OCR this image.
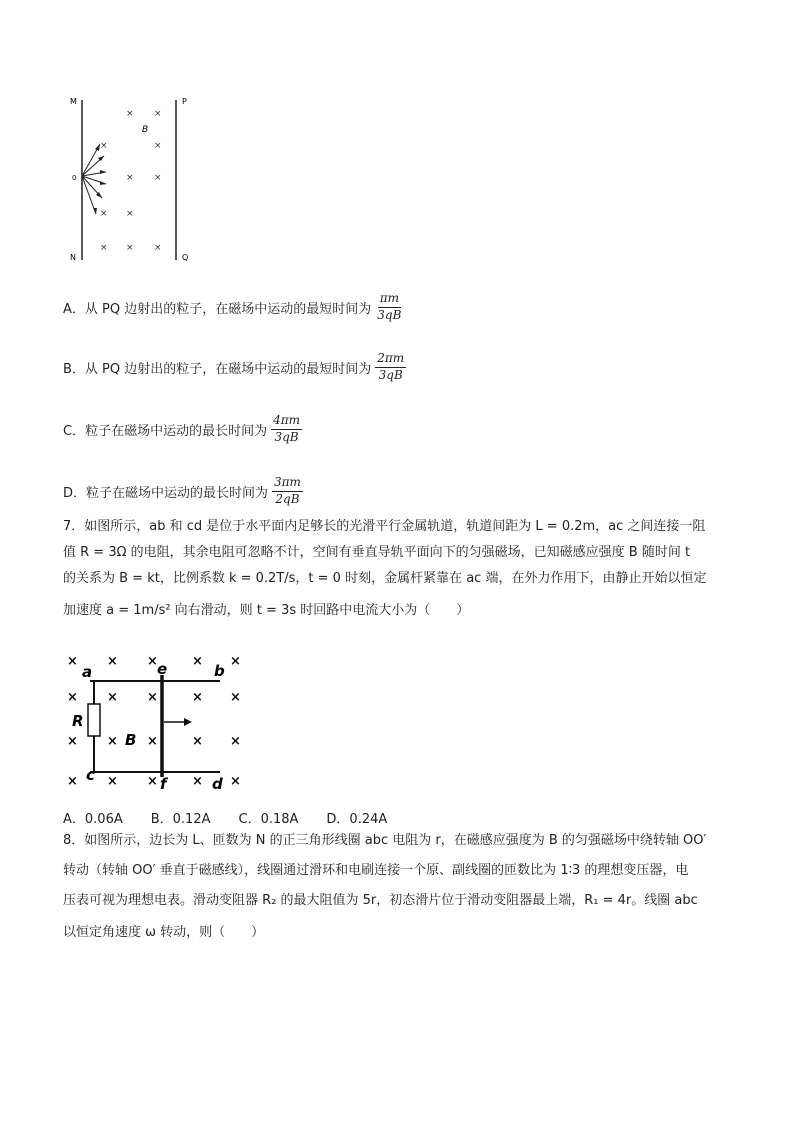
M	P
N	Q
B
0
× ×
×	×
× ×
× ×
× × ×
A． 从 PQ 边射出的粒子，在磁场中运动的最短时间为 $\frac{\pi m}{3qB}$
B． 从 PQ 边射出的粒子，在磁场中运动的最短时间为 $\frac{2\pi m}{3qB}$
C． 粒子在磁场中运动的最长时间为 $\frac{4\pi m}{3qB}$
D． 粒子在磁场中运动的最长时间为 $\frac{3\pi m}{2qB}$
7．如图所示，ab 和 cd 是位于水平面内足够长的光滑平行金属轨道，轨道间距为 L = 0.2m，ac 之间连接一阻
值 R = 3Ω 的电阻，其余电阻可忽略不计，空间有垂直导轨平面向下的匀强磁场，已知磁感应强度 B 随时间 t
的关系为 B = kt，比例系数 k = 0.2T/s，t = 0 时刻，金属杆紧靠在 ac 端，在外力作用下，由静止开始以恒定
加速度 a = 1m/s² 向右滑动，则 t = 3s 时回路中电流大小为（　　）
× × ×	× ×
× × ×	× ×
× × ×	× ×
× × ×	× ×
a	e	b
R
B
c	f	d
A．0.06A B．0.12A C．0.18A D．0.24A
8．如图所示，边长为 L、匝数为 N 的正三角形线圈 abc 电阻为 r，在磁感应强度为 B 的匀强磁场中绕转轴 OO′
转动（转轴 OO′ 垂直于磁感线），线圈通过滑环和电刷连接一个原、副线圈的匝数比为 1∶3 的理想变压器，电
压表可视为理想电表。滑动变阻器 R₂ 的最大阻值为 5r，初态滑片位于滑动变阻器最上端，R₁ = 4r。线圈 abc
以恒定角速度 ω 转动，则（　　）
